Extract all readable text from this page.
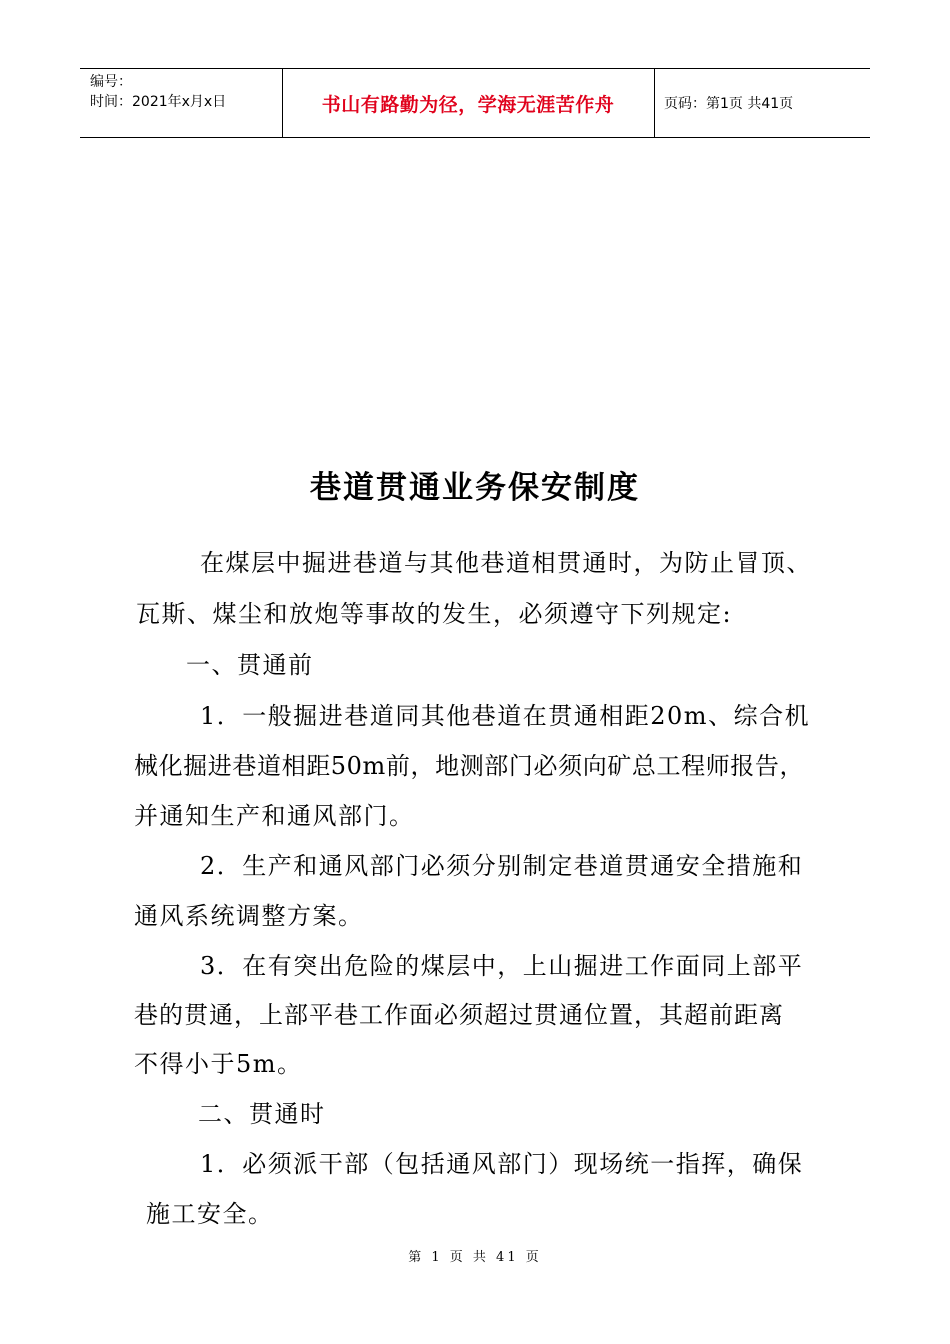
编号：
时间：2021年x月x日	书山有路勤为径，学海无涯苦作舟	页码：第1页 共41页
巷道贯通业务保安制度
在煤层中掘进巷道与其他巷道相贯通时，为防止冒顶、
瓦斯、煤尘和放炮等事故的发生，必须遵守下列规定:
一、贯通前
1．一般掘进巷道同其他巷道在贯通相距20m、综合机
械化掘进巷道相距50m前，地测部门必须向矿总工程师报告，
并通知生产和通风部门。
2．生产和通风部门必须分别制定巷道贯通安全措施和
通风系统调整方案。
3．在有突出危险的煤层中，上山掘进工作面同上部平
巷的贯通，上部平巷工作面必须超过贯通位置，其超前距离
不得小于5m。
二、贯通时
1．必须派干部（包括通风部门）现场统一指挥，确保
施工安全。
第 1 页 共 41 页
